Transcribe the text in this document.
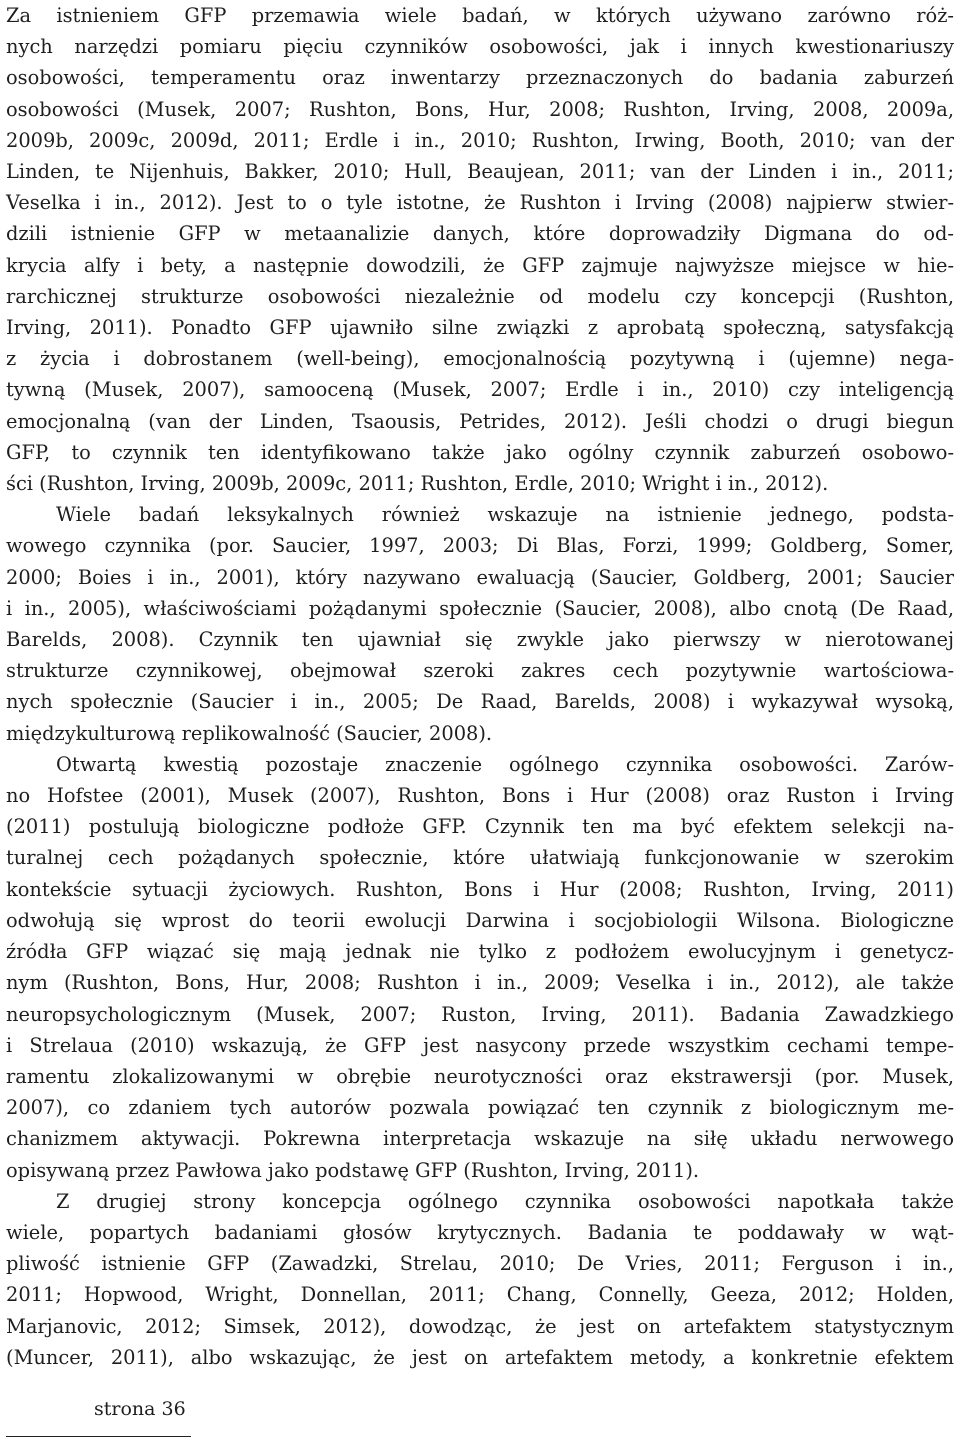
Za istnieniem GFP przemawia wiele badań, w których używano zarówno róż-
nych narzędzi pomiaru pięciu czynników osobowości, jak i innych kwestionariuszy
osobowości, temperamentu oraz inwentarzy przeznaczonych do badania zaburzeń
osobowości (Musek, 2007; Rushton, Bons, Hur, 2008; Rushton, Irving, 2008, 2009a,
2009b, 2009c, 2009d, 2011; Erdle i in., 2010; Rushton, Irwing, Booth, 2010; van der
Linden, te Nijenhuis, Bakker, 2010; Hull, Beaujean, 2011; van der Linden i in., 2011;
Veselka i in., 2012). Jest to o tyle istotne, że Rushton i Irving (2008) najpierw stwier-
dzili istnienie GFP w metaanalizie danych, które doprowadziły Digmana do od-
krycia alfy i bety, a następnie dowodzili, że GFP zajmuje najwyższe miejsce w hie-
rarchicznej strukturze osobowości niezależnie od modelu czy koncepcji (Rushton,
Irving, 2011). Ponadto GFP ujawniło silne związki z aprobatą społeczną, satysfakcją
z życia i dobrostanem (well-being), emocjonalnością pozytywną i (ujemne) nega-
tywną (Musek, 2007), samooceną (Musek, 2007; Erdle i in., 2010) czy inteligencją
emocjonalną (van der Linden, Tsaousis, Petrides, 2012). Jeśli chodzi o drugi biegun
GFP, to czynnik ten identyfikowano także jako ogólny czynnik zaburzeń osobowo-
ści (Rushton, Irving, 2009b, 2009c, 2011; Rushton, Erdle, 2010; Wright i in., 2012).

Wiele badań leksykalnych również wskazuje na istnienie jednego, podsta-
wowego czynnika (por. Saucier, 1997, 2003; Di Blas, Forzi, 1999; Goldberg, Somer,
2000; Boies i in., 2001), który nazywano ewaluacją (Saucier, Goldberg, 2001; Saucier
i in., 2005), właściwościami pożądanymi społecznie (Saucier, 2008), albo cnotą (De Raad,
Barelds, 2008). Czynnik ten ujawniał się zwykle jako pierwszy w nierotowanej
strukturze czynnikowej, obejmował szeroki zakres cech pozytywnie wartościowa-
nych społecznie (Saucier i in., 2005; De Raad, Barelds, 2008) i wykazywał wysoką,
międzykulturową replikowalność (Saucier, 2008).

Otwartą kwestią pozostaje znaczenie ogólnego czynnika osobowości. Zarów-
no Hofstee (2001), Musek (2007), Rushton, Bons i Hur (2008) oraz Ruston i Irving
(2011) postulują biologiczne podłoże GFP. Czynnik ten ma być efektem selekcji na-
turalnej cech pożądanych społecznie, które ułatwiają funkcjonowanie w szerokim
kontekście sytuacji życiowych. Rushton, Bons i Hur (2008; Rushton, Irving, 2011)
odwołują się wprost do teorii ewolucji Darwina i socjobiologii Wilsona. Biologiczne
źródła GFP wiązać się mają jednak nie tylko z podłożem ewolucyjnym i genetycz-
nym (Rushton, Bons, Hur, 2008; Rushton i in., 2009; Veselka i in., 2012), ale także
neuropsychologicznym (Musek, 2007; Ruston, Irving, 2011). Badania Zawadzkiego
i Strelaua (2010) wskazują, że GFP jest nasycony przede wszystkim cechami tempe-
ramentu zlokalizowanymi w obrębie neurotyczności oraz ekstrawersji (por. Musek,
2007), co zdaniem tych autorów pozwala powiązać ten czynnik z biologicznym me-
chanizmem aktywacji. Pokrewna interpretacja wskazuje na siłę układu nerwowego
opisywaną przez Pawłowa jako podstawę GFP (Rushton, Irving, 2011).

Z drugiej strony koncepcja ogólnego czynnika osobowości napotkała także
wiele, popartych badaniami głosów krytycznych. Badania te poddawały w wąt-
pliwość istnienie GFP (Zawadzki, Strelau, 2010; De Vries, 2011; Ferguson i in.,
2011; Hopwood, Wright, Donnellan, 2011; Chang, Connelly, Geeza, 2012; Holden,
Marjanovic, 2012; Simsek, 2012), dowodząc, że jest on artefaktem statystycznym
(Muncer, 2011), albo wskazując, że jest on artefaktem metody, a konkretnie efektem

strona 36
